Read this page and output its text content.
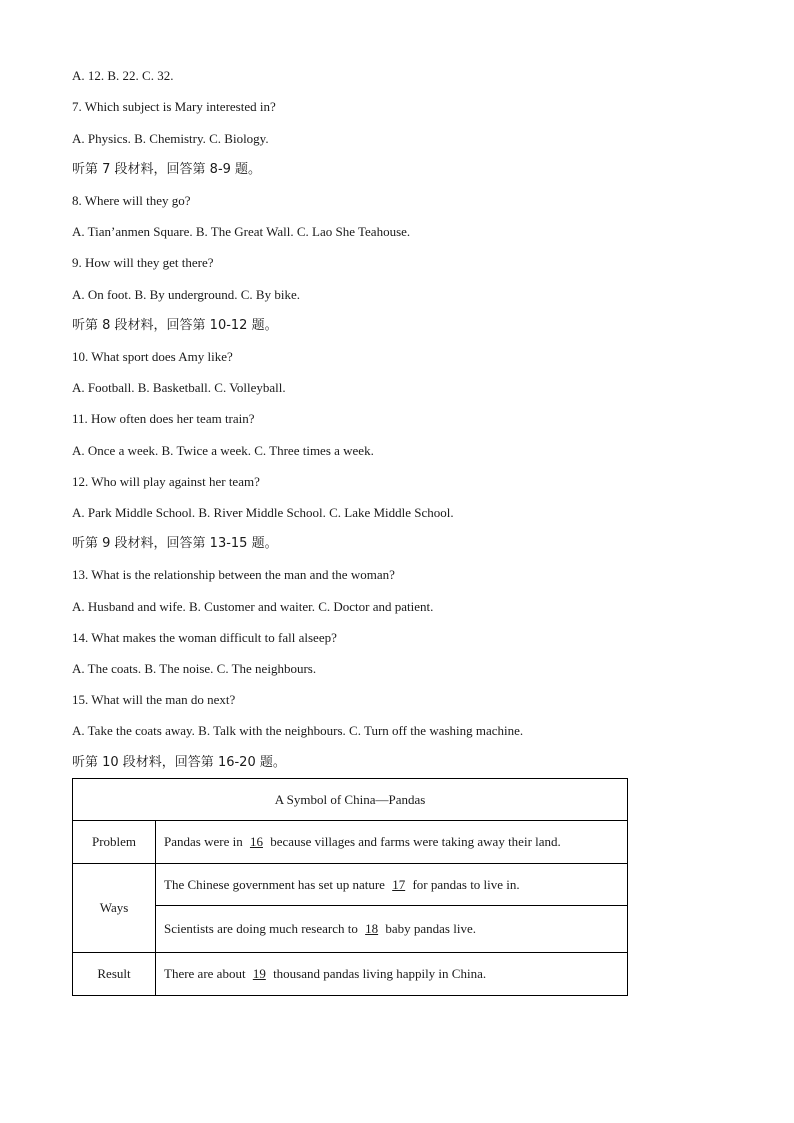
A. 12. B. 22. C. 32.
7. Which subject is Mary interested in?
A. Physics. B. Chemistry. C. Biology.
听第 7 段材料，回答第 8-9 题。
8. Where will they go?
A. Tian’anmen Square. B. The Great Wall. C. Lao She Teahouse.
9. How will they get there?
A. On foot. B. By underground. C. By bike.
听第 8 段材料，回答第 10-12 题。
10. What sport does Amy like?
A. Football. B. Basketball. C. Volleyball.
11. How often does her team train?
A. Once a week. B. Twice a week. C. Three times a week.
12. Who will play against her team?
A. Park Middle School. B. River Middle School. C. Lake Middle School.
听第 9 段材料，回答第 13-15 题。
13. What is the relationship between the man and the woman?
A. Husband and wife. B. Customer and waiter. C. Doctor and patient.
14. What makes the woman difficult to fall alseep?
A. The coats. B. The noise. C. The neighbours.
15. What will the man do next?
A. Take the coats away. B. Talk with the neighbours. C. Turn off the washing machine.
听第 10 段材料，回答第 16-20 题。
A Symbol of China—Pandas	
Problem	Pandas were in 16 because villages and farms were taking away their land.
Ways	The Chinese government has set up nature 17 for pandas to live in.
	Scientists are doing much research to 18 baby pandas live.
Result	There are about 19 thousand pandas living happily in China.
